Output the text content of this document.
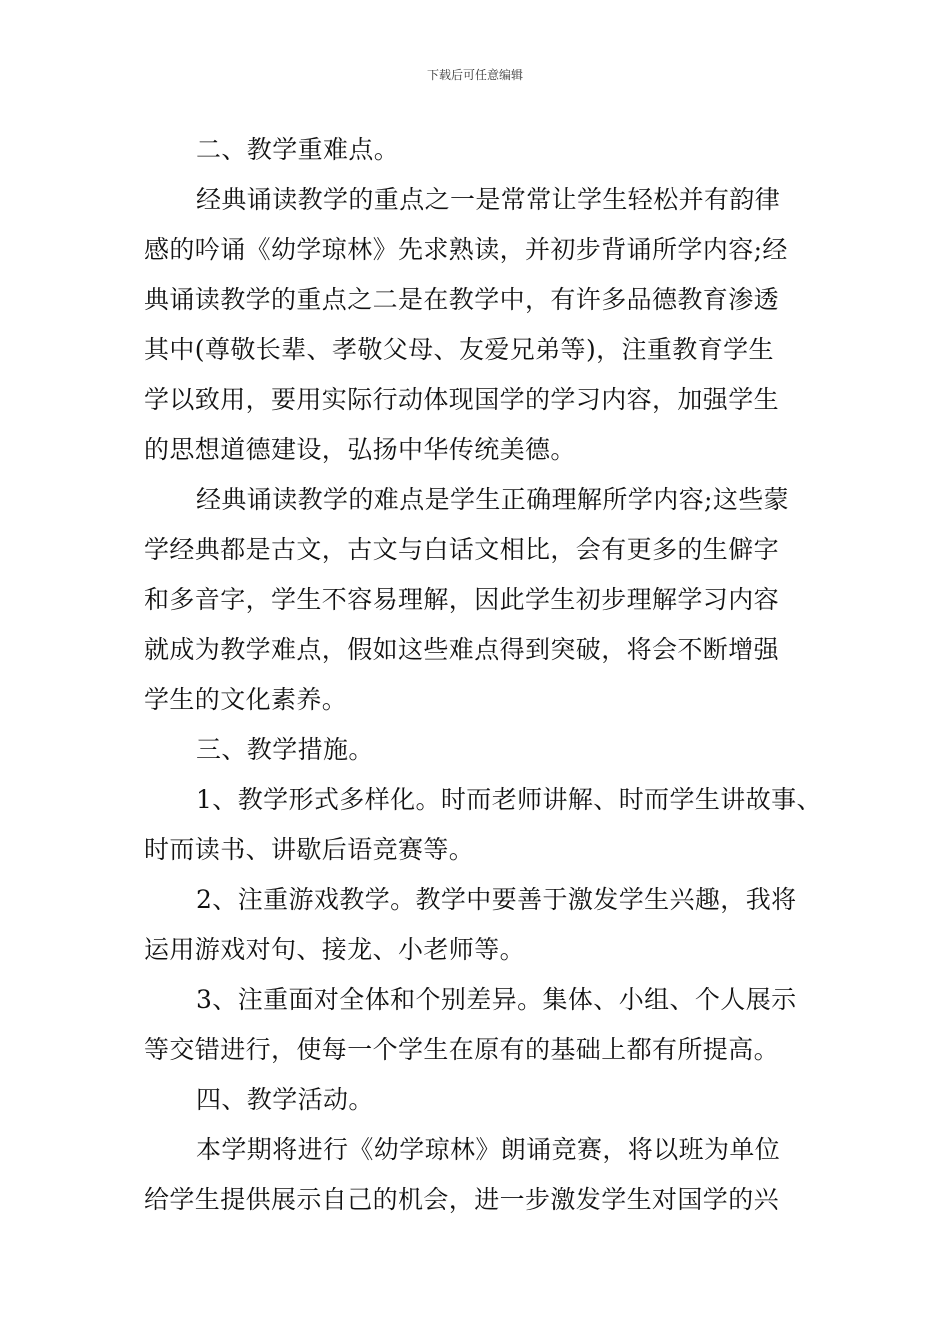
下载后可任意编辑
二、教学重难点。
经典诵读教学的重点之一是常常让学生轻松并有韵律
感的吟诵《幼学琼林》先求熟读，并初步背诵所学内容;经
典诵读教学的重点之二是在教学中，有许多品德教育渗透
其中(尊敬长辈、孝敬父母、友爱兄弟等)，注重教育学生
学以致用，要用实际行动体现国学的学习内容，加强学生
的思想道德建设，弘扬中华传统美德。
经典诵读教学的难点是学生正确理解所学内容;这些蒙
学经典都是古文，古文与白话文相比，会有更多的生僻字
和多音字，学生不容易理解，因此学生初步理解学习内容
就成为教学难点，假如这些难点得到突破，将会不断增强
学生的文化素养。
三、教学措施。
1、教学形式多样化。时而老师讲解、时而学生讲故事、
时而读书、讲歇后语竞赛等。
2、注重游戏教学。教学中要善于激发学生兴趣，我将
运用游戏对句、接龙、小老师等。
3、注重面对全体和个别差异。集体、小组、个人展示
等交错进行，使每一个学生在原有的基础上都有所提高。
四、教学活动。
本学期将进行《幼学琼林》朗诵竞赛，将以班为单位
给学生提供展示自己的机会，进一步激发学生对国学的兴
